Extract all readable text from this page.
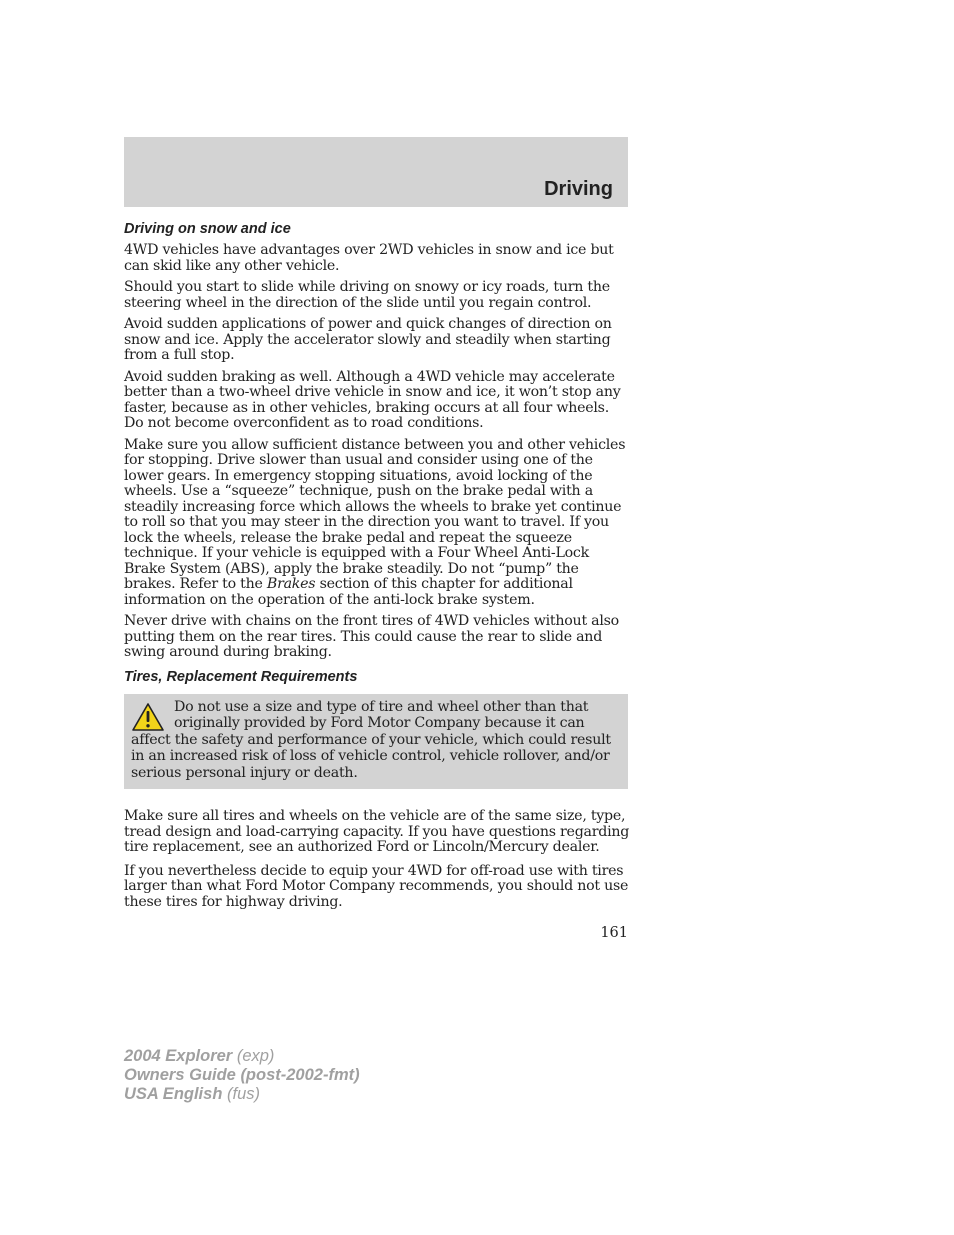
Driving
Driving on snow and ice

4WD vehicles have advantages over 2WD vehicles in snow and ice but can skid like any other vehicle.

Should you start to slide while driving on snowy or icy roads, turn the steering wheel in the direction of the slide until you regain control.

Avoid sudden applications of power and quick changes of direction on snow and ice. Apply the accelerator slowly and steadily when starting from a full stop.

Avoid sudden braking as well. Although a 4WD vehicle may accelerate better than a two-wheel drive vehicle in snow and ice, it won’t stop any faster, because as in other vehicles, braking occurs at all four wheels. Do not become overconfident as to road conditions.

Make sure you allow sufficient distance between you and other vehicles for stopping. Drive slower than usual and consider using one of the lower gears. In emergency stopping situations, avoid locking of the wheels. Use a “squeeze” technique, push on the brake pedal with a steadily increasing force which allows the wheels to brake yet continue to roll so that you may steer in the direction you want to travel. If you lock the wheels, release the brake pedal and repeat the squeeze technique. If your vehicle is equipped with a Four Wheel Anti-Lock Brake System (ABS), apply the brake steadily. Do not “pump” the brakes. Refer to the Brakes section of this chapter for additional information on the operation of the anti-lock brake system.

Never drive with chains on the front tires of 4WD vehicles without also putting them on the rear tires. This could cause the rear to slide and swing around during braking.

Tires, Replacement Requirements
Do not use a size and type of tire and wheel other than that originally provided by Ford Motor Company because it can affect the safety and performance of your vehicle, which could result in an increased risk of loss of vehicle control, vehicle rollover, and/or serious personal injury or death.

Make sure all tires and wheels on the vehicle are of the same size, type, tread design and load-carrying capacity. If you have questions regarding tire replacement, see an authorized Ford or Lincoln/Mercury dealer.

If you nevertheless decide to equip your 4WD for off-road use with tires larger than what Ford Motor Company recommends, you should not use these tires for highway driving.

161
2004 Explorer (exp)
Owners Guide (post-2002-fmt)
USA English (fus)
